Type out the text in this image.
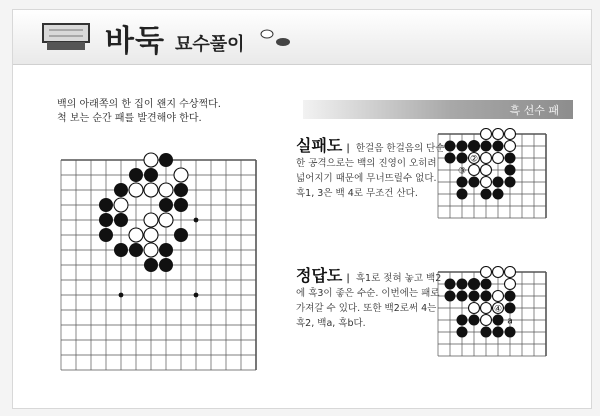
바둑 묘수풀이
백의 아래쪽의 한 집이 왠지 수상쩍다.
척 보는 순간 패를 발견해야 한다.
흑 선수 패
실패도 | 한걸음 한걸음의 단순한 공격으로는 백의 진영이 오히려 넓어지기 때문에 무너뜨릴수 없다. 흑1, 3은 백 4로 무조건 산다.
정답도 | 흑1로 젖혀 놓고 백2에 흑3이 좋은 수순. 이번에는 패로 가져갈 수 있다. 또한 백2로써 4는 흑2, 백a, 흑b다.
②
④
③
①
④ b
a
①
② ③
